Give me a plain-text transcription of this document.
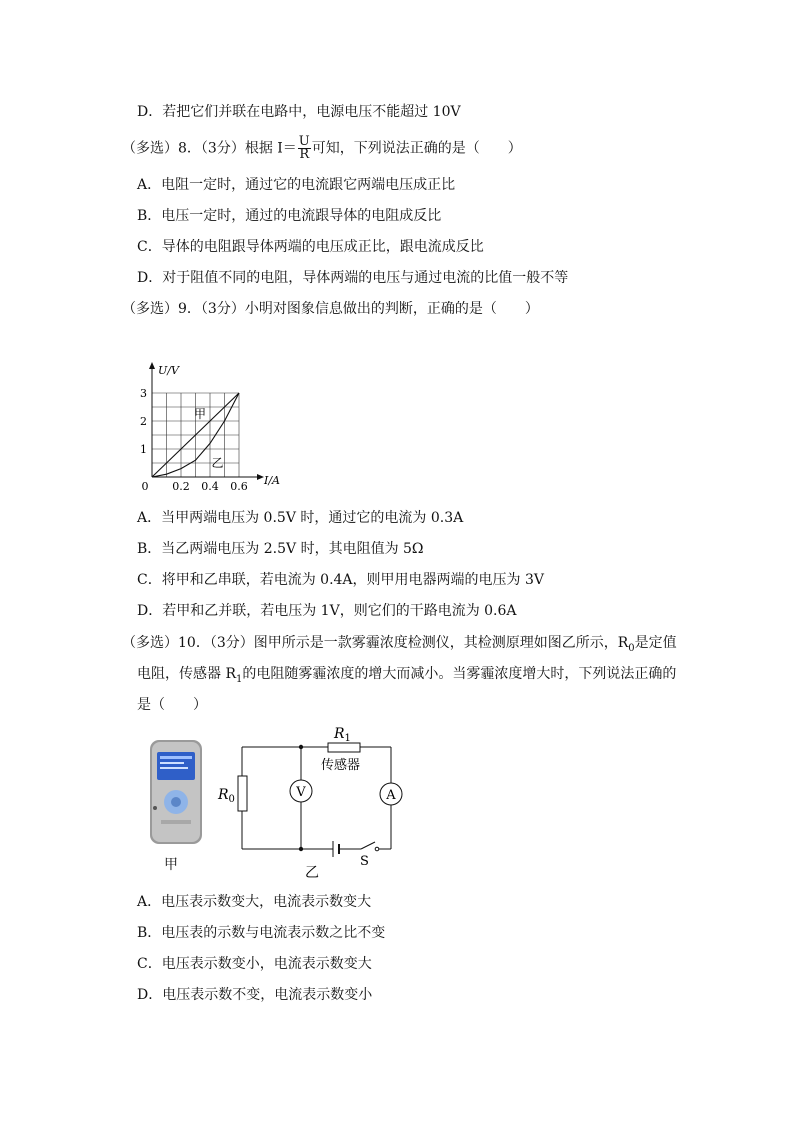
D．若把它们并联在电路中，电源电压不能超过 10V
（多选）8．（3分）根据 $I= \frac{U}{R}$ 可知，下列说法正确的是（　　）
A．电阻一定时，通过它的电流跟它两端电压成正比
B．电压一定时，通过的电流跟导体的电阻成反比
C．导体的电阻跟导体两端的电压成正比，跟电流成反比
D．对于阻值不同的电阻，导体两端的电压与通过电流的比值一般不等
（多选）9．（3分）小明对图象信息做出的判断，正确的是（　　）
0.2 0.4 0.6
1
2
3
0
U/V
I/A
甲
乙
A．当甲两端电压为 0.5V 时，通过它的电流为 0.3A
B．当乙两端电压为 2.5V 时，其电阻值为 5Ω
C．将甲和乙串联，若电流为 0.4A，则甲用电器两端的电压为 3V
D．若甲和乙并联，若电压为 1V，则它们的干路电流为 0.6A
（多选）10．（3分）图甲所示是一款雾霾浓度检测仪，其检测原理如图乙所示，$R_0$是定值
电阻，传感器 $R_1$的电阻随雾霾浓度的增大而减小。当雾霾浓度增大时，下列说法正确的
是（　　）
甲
$R_1$
传感器
$R_0$	V	A
S
乙
A．电压表示数变大，电流表示数变大
B．电压表的示数与电流表示数之比不变
C．电压表示数变小，电流表示数变大
D．电压表示数不变，电流表示数变小
